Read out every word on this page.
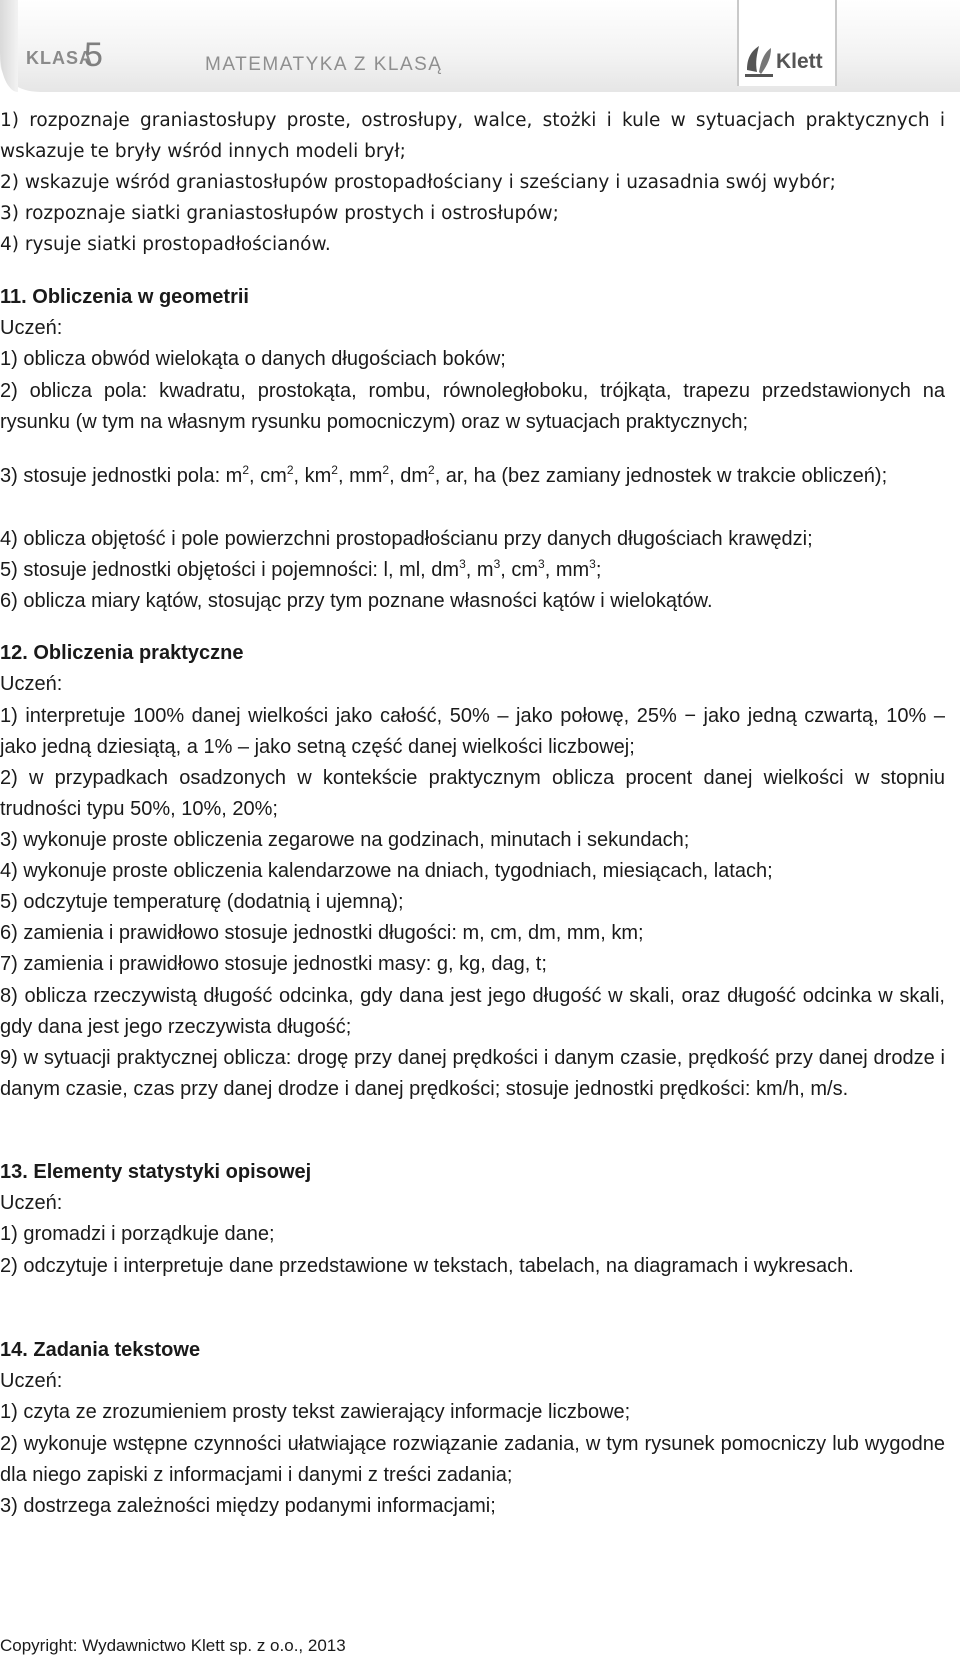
KLASA
5	MATEMATYKA Z KLASĄ	Klett

1) rozpoznaje graniastosłupy proste, ostrosłupy, walce, stożki i kule w sytuacjach praktycznych i wskazuje te bryły wśród innych modeli brył;

2) wskazuje wśród graniastosłupów prostopadłościany i sześciany i uzasadnia swój wybór;

3) rozpoznaje siatki graniastosłupów prostych i ostrosłupów;

4) rysuje siatki prostopadłościanów.

11. Obliczenia w geometrii

Uczeń:

1) oblicza obwód wielokąta o danych długościach boków;

2) oblicza pola: kwadratu, prostokąta, rombu, równoległoboku, trójkąta, trapezu przedstawionych na rysunku (w tym na własnym rysunku pomocniczym) oraz w sytuacjach praktycznych;

3) stosuje jednostki pola: $m^2$, $cm^2$, $km^2$, $mm^2$, $dm^2$, ar, ha (bez zamiany jednostek w trakcie obliczeń);

4) oblicza objętość i pole powierzchni prostopadłościanu przy danych długościach krawędzi;

5) stosuje jednostki objętości i pojemności: l, ml, $dm^3$, $m^3$, $cm^3$, $mm^3$;

6) oblicza miary kątów, stosując przy tym poznane własności kątów i wielokątów.

12. Obliczenia praktyczne

Uczeń:

1) interpretuje 100% danej wielkości jako całość, 50% – jako połowę, 25% − jako jedną czwartą, 10% – jako jedną dziesiątą, a 1% – jako setną część danej wielkości liczbowej;

2) w przypadkach osadzonych w kontekście praktycznym oblicza procent danej wielkości w stopniu trudności typu 50%, 10%, 20%;

3) wykonuje proste obliczenia zegarowe na godzinach, minutach i sekundach;

4) wykonuje proste obliczenia kalendarzowe na dniach, tygodniach, miesiącach, latach;

5) odczytuje temperaturę (dodatnią i ujemną);

6) zamienia i prawidłowo stosuje jednostki długości: m, cm, dm, mm, km;

7) zamienia i prawidłowo stosuje jednostki masy: g, kg, dag, t;

8) oblicza rzeczywistą długość odcinka, gdy dana jest jego długość w skali, oraz długość odcinka w skali, gdy dana jest jego rzeczywista długość;

9) w sytuacji praktycznej oblicza: drogę przy danej prędkości i danym czasie, prędkość przy danej drodze i danym czasie, czas przy danej drodze i danej prędkości; stosuje jednostki prędkości: km/h, m/s.

13. Elementy statystyki opisowej

Uczeń:

1) gromadzi i porządkuje dane;

2) odczytuje i interpretuje dane przedstawione w tekstach, tabelach, na diagramach i wykresach.

14. Zadania tekstowe

Uczeń:

1) czyta ze zrozumieniem prosty tekst zawierający informacje liczbowe;

2) wykonuje wstępne czynności ułatwiające rozwiązanie zadania, w tym rysunek pomocniczy lub wygodne dla niego zapiski z informacjami i danymi z treści zadania;

3) dostrzega zależności między podanymi informacjami;

Copyright: Wydawnictwo Klett sp. z o.o., 2013
